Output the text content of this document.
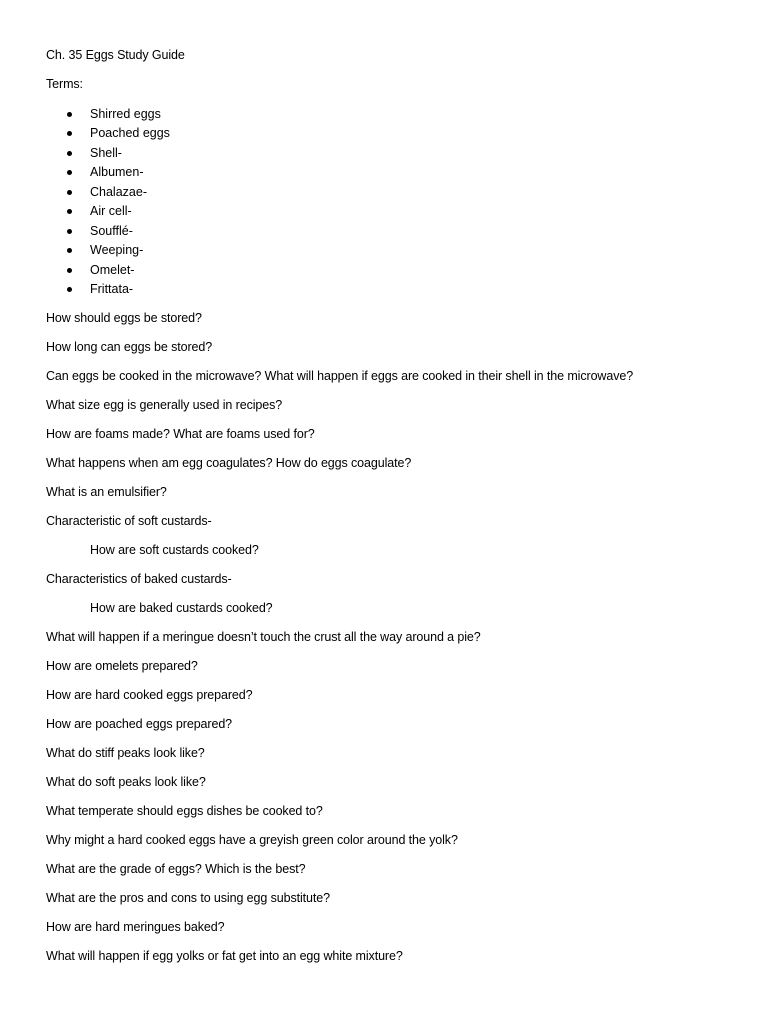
Ch. 35 Eggs Study Guide
Terms:
Shirred eggs
Poached eggs
Shell-
Albumen-
Chalazae-
Air cell-
Soufflé-
Weeping-
Omelet-
Frittata-
How should eggs be stored?
How long can eggs be stored?
Can eggs be cooked in the microwave? What will happen if eggs are cooked in their shell in the microwave?
What size egg is generally used in recipes?
How are foams made? What are foams used for?
What happens when am egg coagulates? How do eggs coagulate?
What is an emulsifier?
Characteristic of soft custards-
How are soft custards cooked?
Characteristics of baked custards-
How are baked custards cooked?
What will happen if a meringue doesn’t touch the crust all the way around a pie?
How are omelets prepared?
How are hard cooked eggs prepared?
How are poached eggs prepared?
What do stiff peaks look like?
What do soft peaks look like?
What temperate should eggs dishes be cooked to?
Why might a hard cooked eggs have a greyish green color around the yolk?
What are the grade of eggs? Which is the best?
What are the pros and cons to using egg substitute?
How are hard meringues baked?
What will happen if egg yolks or fat get into an egg white mixture?
